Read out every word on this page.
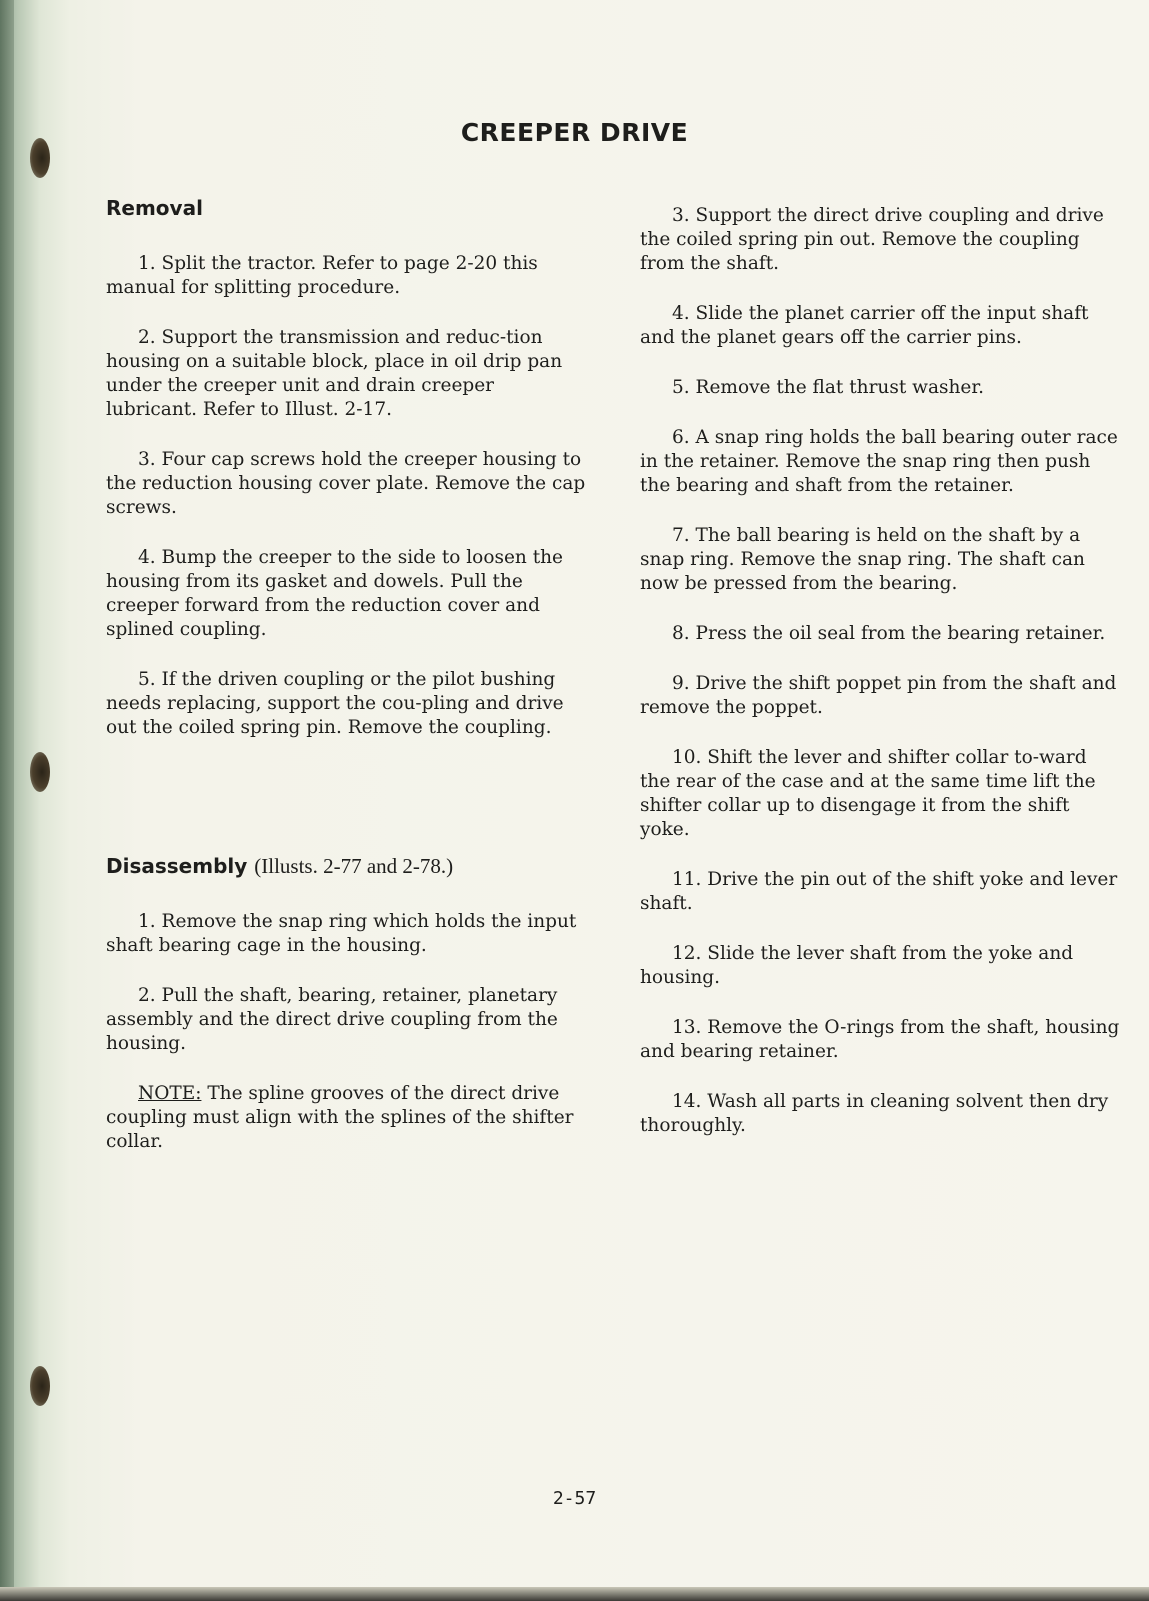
CREEPER DRIVE
Removal

1. Split the tractor. Refer to page 2-20 this manual for splitting procedure.

2. Support the transmission and reduc-tion housing on a suitable block, place in oil drip pan under the creeper unit and drain creeper lubricant. Refer to Illust. 2-17.

3. Four cap screws hold the creeper housing to the reduction housing cover plate. Remove the cap screws.

4. Bump the creeper to the side to loosen the housing from its gasket and dowels. Pull the creeper forward from the reduction cover and splined coupling.

5. If the driven coupling or the pilot bushing needs replacing, support the cou-pling and drive out the coiled spring pin. Remove the coupling.

Disassembly (Illusts. 2-77 and 2-78.)

1. Remove the snap ring which holds the input shaft bearing cage in the housing.

2. Pull the shaft, bearing, retainer, planetary assembly and the direct drive coupling from the housing.

NOTE: The spline grooves of the direct drive coupling must align with the splines of the shifter collar.

3. Support the direct drive coupling and drive the coiled spring pin out. Remove the coupling from the shaft.

4. Slide the planet carrier off the input shaft and the planet gears off the carrier pins.

5. Remove the flat thrust washer.

6. A snap ring holds the ball bearing outer race in the retainer. Remove the snap ring then push the bearing and shaft from the retainer.

7. The ball bearing is held on the shaft by a snap ring. Remove the snap ring. The shaft can now be pressed from the bearing.

8. Press the oil seal from the bearing retainer.

9. Drive the shift poppet pin from the shaft and remove the poppet.

10. Shift the lever and shifter collar to-ward the rear of the case and at the same time lift the shifter collar up to disengage it from the shift yoke.

11. Drive the pin out of the shift yoke and lever shaft.

12. Slide the lever shaft from the yoke and housing.

13. Remove the O-rings from the shaft, housing and bearing retainer.

14. Wash all parts in cleaning solvent then dry thoroughly.

2-57
